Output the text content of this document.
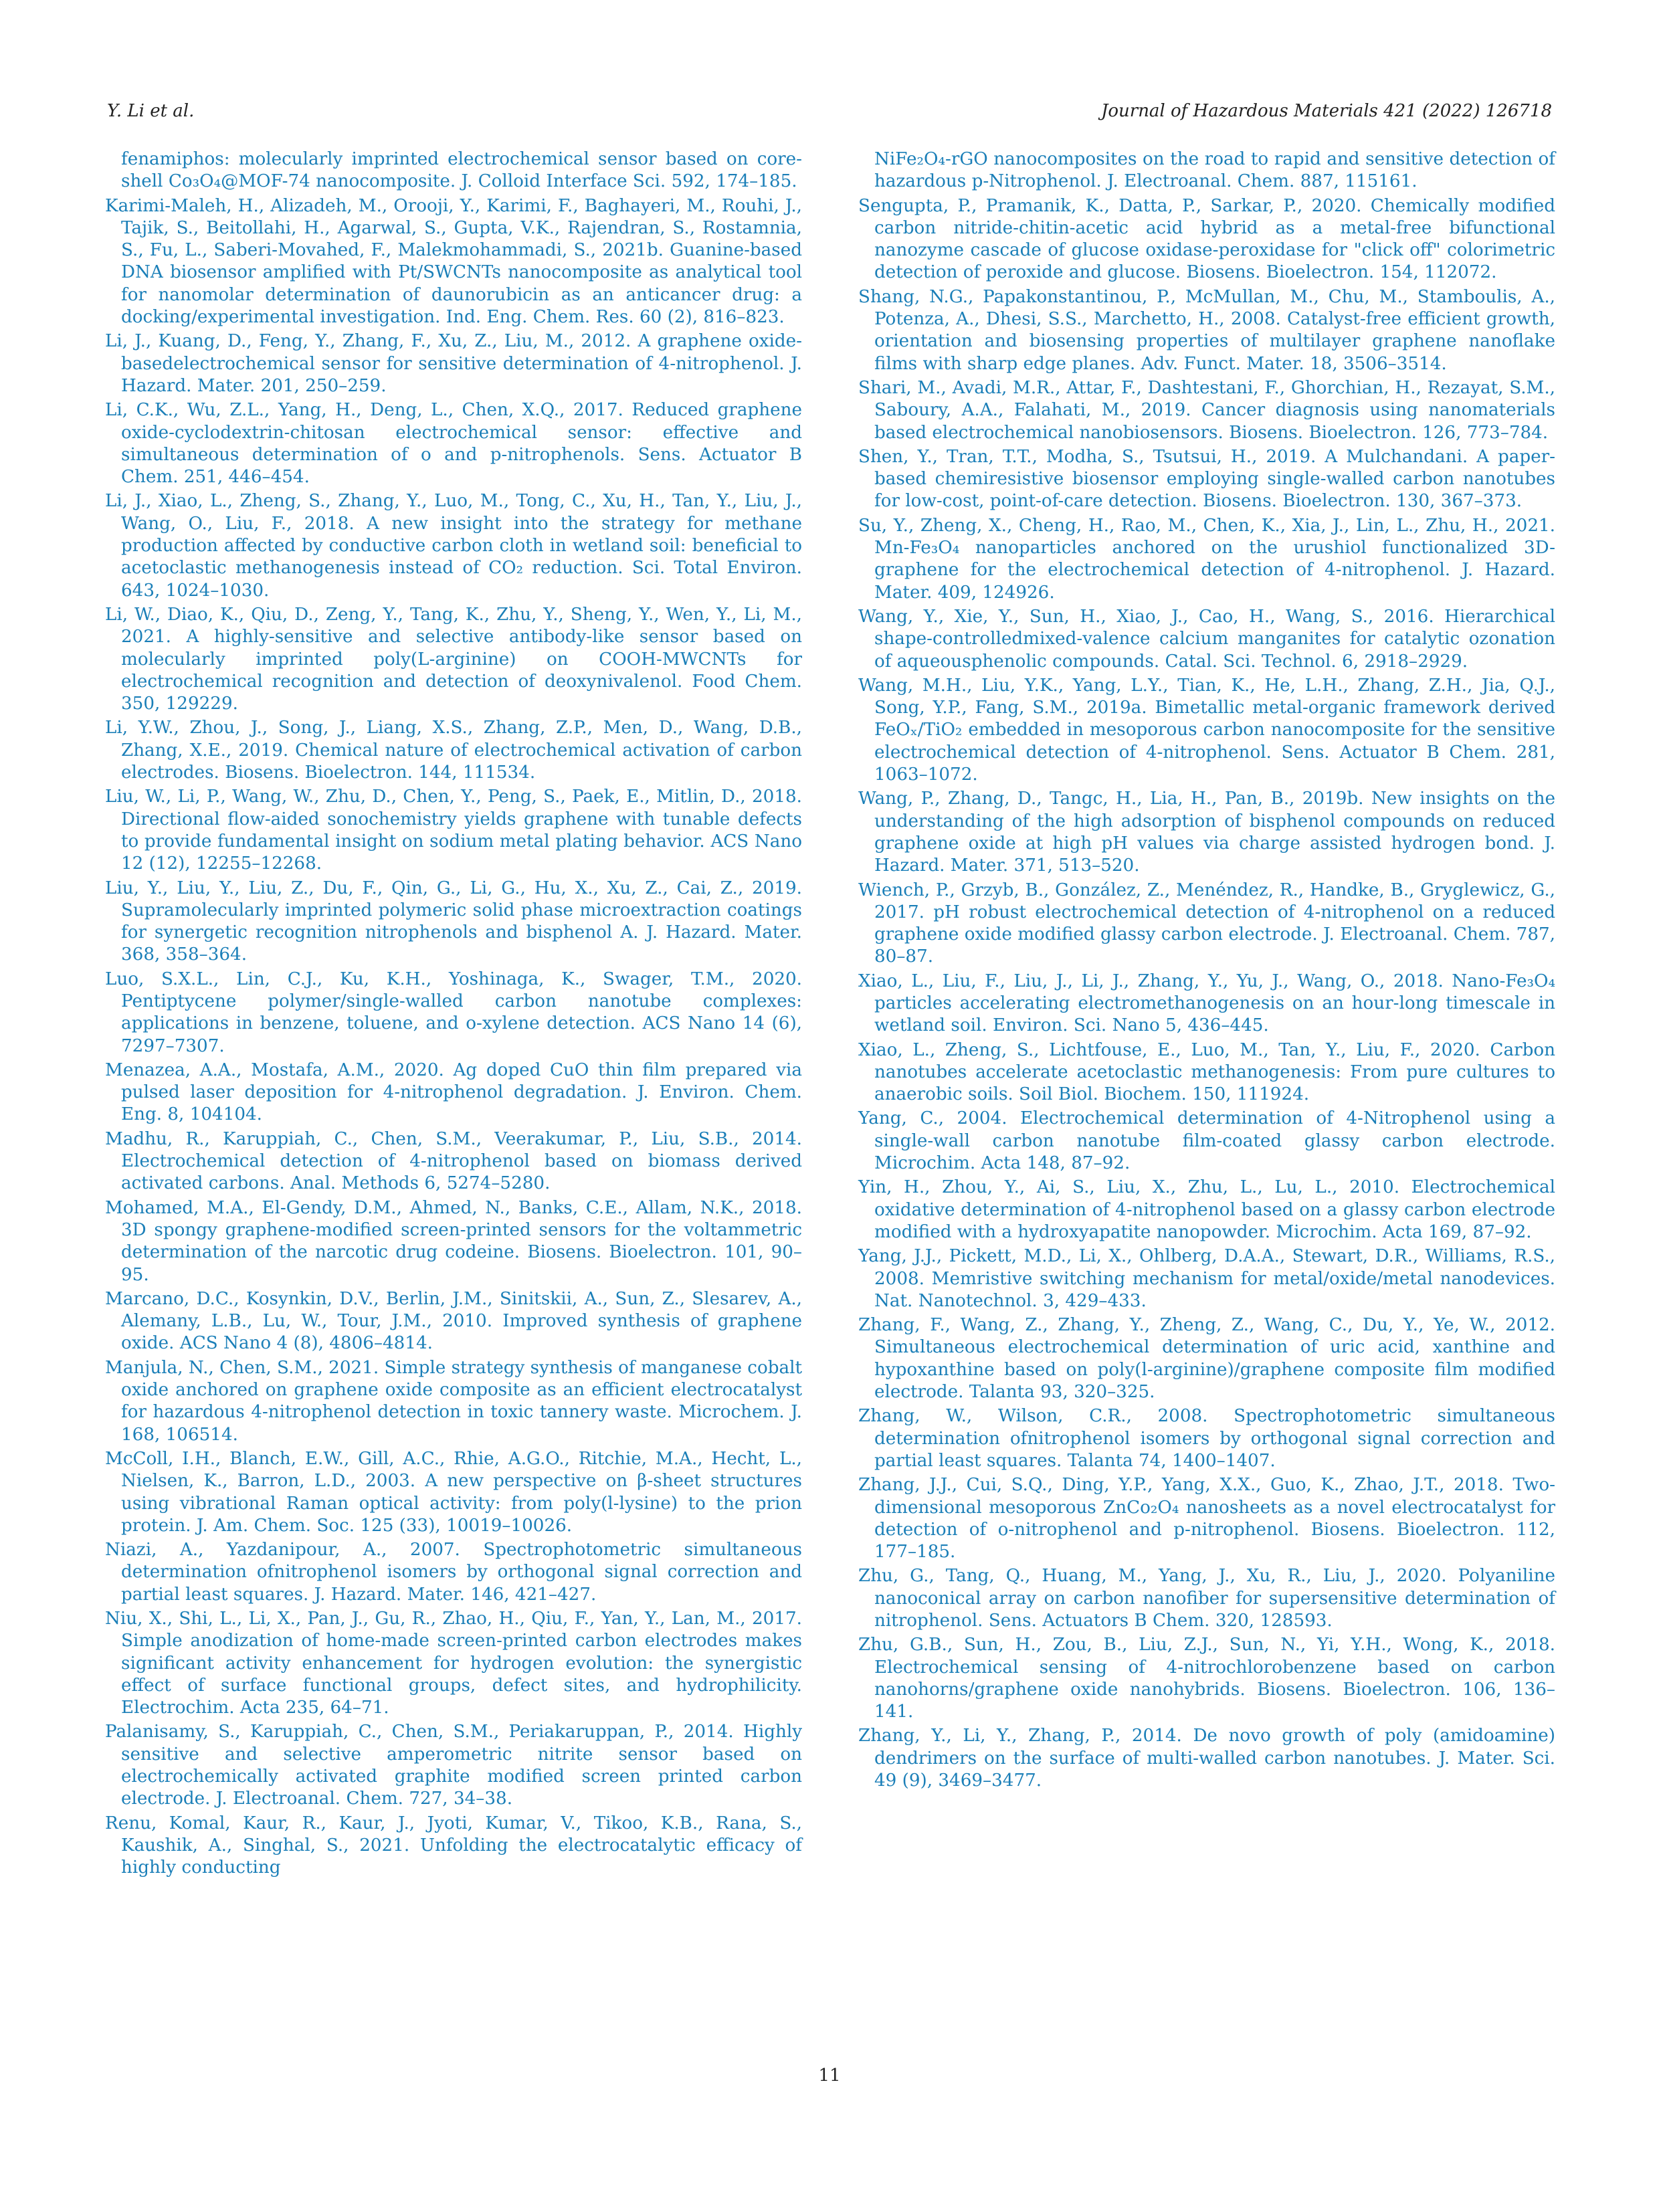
Y. Li et al.	Journal of Hazardous Materials 421 (2022) 126718

fenamiphos: molecularly imprinted electrochemical sensor based on core-shell Co₃O₄@MOF-74 nanocomposite. J. Colloid Interface Sci. 592, 174–185.

Karimi-Maleh, H., Alizadeh, M., Orooji, Y., Karimi, F., Baghayeri, M., Rouhi, J., Tajik, S., Beitollahi, H., Agarwal, S., Gupta, V.K., Rajendran, S., Rostamnia, S., Fu, L., Saberi-Movahed, F., Malekmohammadi, S., 2021b. Guanine-based DNA biosensor amplified with Pt/SWCNTs nanocomposite as analytical tool for nanomolar determination of daunorubicin as an anticancer drug: a docking/experimental investigation. Ind. Eng. Chem. Res. 60 (2), 816–823.

Li, J., Kuang, D., Feng, Y., Zhang, F., Xu, Z., Liu, M., 2012. A graphene oxide-basedelectrochemical sensor for sensitive determination of 4-nitrophenol. J. Hazard. Mater. 201, 250–259.

Li, C.K., Wu, Z.L., Yang, H., Deng, L., Chen, X.Q., 2017. Reduced graphene oxide-cyclodextrin-chitosan electrochemical sensor: effective and simultaneous determination of o and p-nitrophenols. Sens. Actuator B Chem. 251, 446–454.

Li, J., Xiao, L., Zheng, S., Zhang, Y., Luo, M., Tong, C., Xu, H., Tan, Y., Liu, J., Wang, O., Liu, F., 2018. A new insight into the strategy for methane production affected by conductive carbon cloth in wetland soil: beneficial to acetoclastic methanogenesis instead of CO₂ reduction. Sci. Total Environ. 643, 1024–1030.

Li, W., Diao, K., Qiu, D., Zeng, Y., Tang, K., Zhu, Y., Sheng, Y., Wen, Y., Li, M., 2021. A highly-sensitive and selective antibody-like sensor based on molecularly imprinted poly(L-arginine) on COOH-MWCNTs for electrochemical recognition and detection of deoxynivalenol. Food Chem. 350, 129229.

Li, Y.W., Zhou, J., Song, J., Liang, X.S., Zhang, Z.P., Men, D., Wang, D.B., Zhang, X.E., 2019. Chemical nature of electrochemical activation of carbon electrodes. Biosens. Bioelectron. 144, 111534.

Liu, W., Li, P., Wang, W., Zhu, D., Chen, Y., Peng, S., Paek, E., Mitlin, D., 2018. Directional flow-aided sonochemistry yields graphene with tunable defects to provide fundamental insight on sodium metal plating behavior. ACS Nano 12 (12), 12255–12268.

Liu, Y., Liu, Y., Liu, Z., Du, F., Qin, G., Li, G., Hu, X., Xu, Z., Cai, Z., 2019. Supramolecularly imprinted polymeric solid phase microextraction coatings for synergetic recognition nitrophenols and bisphenol A. J. Hazard. Mater. 368, 358–364.

Luo, S.X.L., Lin, C.J., Ku, K.H., Yoshinaga, K., Swager, T.M., 2020. Pentiptycene polymer/single-walled carbon nanotube complexes: applications in benzene, toluene, and o-xylene detection. ACS Nano 14 (6), 7297–7307.

Menazea, A.A., Mostafa, A.M., 2020. Ag doped CuO thin film prepared via pulsed laser deposition for 4-nitrophenol degradation. J. Environ. Chem. Eng. 8, 104104.

Madhu, R., Karuppiah, C., Chen, S.M., Veerakumar, P., Liu, S.B., 2014. Electrochemical detection of 4-nitrophenol based on biomass derived activated carbons. Anal. Methods 6, 5274–5280.

Mohamed, M.A., El-Gendy, D.M., Ahmed, N., Banks, C.E., Allam, N.K., 2018. 3D spongy graphene-modified screen-printed sensors for the voltammetric determination of the narcotic drug codeine. Biosens. Bioelectron. 101, 90–95.

Marcano, D.C., Kosynkin, D.V., Berlin, J.M., Sinitskii, A., Sun, Z., Slesarev, A., Alemany, L.B., Lu, W., Tour, J.M., 2010. Improved synthesis of graphene oxide. ACS Nano 4 (8), 4806–4814.

Manjula, N., Chen, S.M., 2021. Simple strategy synthesis of manganese cobalt oxide anchored on graphene oxide composite as an efficient electrocatalyst for hazardous 4-nitrophenol detection in toxic tannery waste. Microchem. J. 168, 106514.

McColl, I.H., Blanch, E.W., Gill, A.C., Rhie, A.G.O., Ritchie, M.A., Hecht, L., Nielsen, K., Barron, L.D., 2003. A new perspective on β-sheet structures using vibrational Raman optical activity: from poly(l-lysine) to the prion protein. J. Am. Chem. Soc. 125 (33), 10019–10026.

Niazi, A., Yazdanipour, A., 2007. Spectrophotometric simultaneous determination ofnitrophenol isomers by orthogonal signal correction and partial least squares. J. Hazard. Mater. 146, 421–427.

Niu, X., Shi, L., Li, X., Pan, J., Gu, R., Zhao, H., Qiu, F., Yan, Y., Lan, M., 2017. Simple anodization of home-made screen-printed carbon electrodes makes significant activity enhancement for hydrogen evolution: the synergistic effect of surface functional groups, defect sites, and hydrophilicity. Electrochim. Acta 235, 64–71.

Palanisamy, S., Karuppiah, C., Chen, S.M., Periakaruppan, P., 2014. Highly sensitive and selective amperometric nitrite sensor based on electrochemically activated graphite modified screen printed carbon electrode. J. Electroanal. Chem. 727, 34–38.

Renu, Komal, Kaur, R., Kaur, J., Jyoti, Kumar, V., Tikoo, K.B., Rana, S., Kaushik, A., Singhal, S., 2021. Unfolding the electrocatalytic efficacy of highly conducting

NiFe₂O₄-rGO nanocomposites on the road to rapid and sensitive detection of hazardous p-Nitrophenol. J. Electroanal. Chem. 887, 115161.

Sengupta, P., Pramanik, K., Datta, P., Sarkar, P., 2020. Chemically modified carbon nitride-chitin-acetic acid hybrid as a metal-free bifunctional nanozyme cascade of glucose oxidase-peroxidase for "click off" colorimetric detection of peroxide and glucose. Biosens. Bioelectron. 154, 112072.

Shang, N.G., Papakonstantinou, P., McMullan, M., Chu, M., Stamboulis, A., Potenza, A., Dhesi, S.S., Marchetto, H., 2008. Catalyst-free efficient growth, orientation and biosensing properties of multilayer graphene nanoflake films with sharp edge planes. Adv. Funct. Mater. 18, 3506–3514.

Shari, M., Avadi, M.R., Attar, F., Dashtestani, F., Ghorchian, H., Rezayat, S.M., Saboury, A.A., Falahati, M., 2019. Cancer diagnosis using nanomaterials based electrochemical nanobiosensors. Biosens. Bioelectron. 126, 773–784.

Shen, Y., Tran, T.T., Modha, S., Tsutsui, H., 2019. A Mulchandani. A paper-based chemiresistive biosensor employing single-walled carbon nanotubes for low-cost, point-of-care detection. Biosens. Bioelectron. 130, 367–373.

Su, Y., Zheng, X., Cheng, H., Rao, M., Chen, K., Xia, J., Lin, L., Zhu, H., 2021. Mn-Fe₃O₄ nanoparticles anchored on the urushiol functionalized 3D-graphene for the electrochemical detection of 4-nitrophenol. J. Hazard. Mater. 409, 124926.

Wang, Y., Xie, Y., Sun, H., Xiao, J., Cao, H., Wang, S., 2016. Hierarchical shape-controlledmixed-valence calcium manganites for catalytic ozonation of aqueousphenolic compounds. Catal. Sci. Technol. 6, 2918–2929.

Wang, M.H., Liu, Y.K., Yang, L.Y., Tian, K., He, L.H., Zhang, Z.H., Jia, Q.J., Song, Y.P., Fang, S.M., 2019a. Bimetallic metal-organic framework derived FeOₓ/TiO₂ embedded in mesoporous carbon nanocomposite for the sensitive electrochemical detection of 4-nitrophenol. Sens. Actuator B Chem. 281, 1063–1072.

Wang, P., Zhang, D., Tangc, H., Lia, H., Pan, B., 2019b. New insights on the understanding of the high adsorption of bisphenol compounds on reduced graphene oxide at high pH values via charge assisted hydrogen bond. J. Hazard. Mater. 371, 513–520.

Wiench, P., Grzyb, B., González, Z., Menéndez, R., Handke, B., Gryglewicz, G., 2017. pH robust electrochemical detection of 4-nitrophenol on a reduced graphene oxide modified glassy carbon electrode. J. Electroanal. Chem. 787, 80–87.

Xiao, L., Liu, F., Liu, J., Li, J., Zhang, Y., Yu, J., Wang, O., 2018. Nano-Fe₃O₄ particles accelerating electromethanogenesis on an hour-long timescale in wetland soil. Environ. Sci. Nano 5, 436–445.

Xiao, L., Zheng, S., Lichtfouse, E., Luo, M., Tan, Y., Liu, F., 2020. Carbon nanotubes accelerate acetoclastic methanogenesis: From pure cultures to anaerobic soils. Soil Biol. Biochem. 150, 111924.

Yang, C., 2004. Electrochemical determination of 4-Nitrophenol using a single-wall carbon nanotube film-coated glassy carbon electrode. Microchim. Acta 148, 87–92.

Yin, H., Zhou, Y., Ai, S., Liu, X., Zhu, L., Lu, L., 2010. Electrochemical oxidative determination of 4-nitrophenol based on a glassy carbon electrode modified with a hydroxyapatite nanopowder. Microchim. Acta 169, 87–92.

Yang, J.J., Pickett, M.D., Li, X., Ohlberg, D.A.A., Stewart, D.R., Williams, R.S., 2008. Memristive switching mechanism for metal/oxide/metal nanodevices. Nat. Nanotechnol. 3, 429–433.

Zhang, F., Wang, Z., Zhang, Y., Zheng, Z., Wang, C., Du, Y., Ye, W., 2012. Simultaneous electrochemical determination of uric acid, xanthine and hypoxanthine based on poly(l-arginine)/graphene composite film modified electrode. Talanta 93, 320–325.

Zhang, W., Wilson, C.R., 2008. Spectrophotometric simultaneous determination ofnitrophenol isomers by orthogonal signal correction and partial least squares. Talanta 74, 1400–1407.

Zhang, J.J., Cui, S.Q., Ding, Y.P., Yang, X.X., Guo, K., Zhao, J.T., 2018. Two-dimensional mesoporous ZnCo₂O₄ nanosheets as a novel electrocatalyst for detection of o-nitrophenol and p-nitrophenol. Biosens. Bioelectron. 112, 177–185.

Zhu, G., Tang, Q., Huang, M., Yang, J., Xu, R., Liu, J., 2020. Polyaniline nanoconical array on carbon nanofiber for supersensitive determination of nitrophenol. Sens. Actuators B Chem. 320, 128593.

Zhu, G.B., Sun, H., Zou, B., Liu, Z.J., Sun, N., Yi, Y.H., Wong, K., 2018. Electrochemical sensing of 4-nitrochlorobenzene based on carbon nanohorns/graphene oxide nanohybrids. Biosens. Bioelectron. 106, 136–141.

Zhang, Y., Li, Y., Zhang, P., 2014. De novo growth of poly (amidoamine) dendrimers on the surface of multi-walled carbon nanotubes. J. Mater. Sci. 49 (9), 3469–3477.

11
